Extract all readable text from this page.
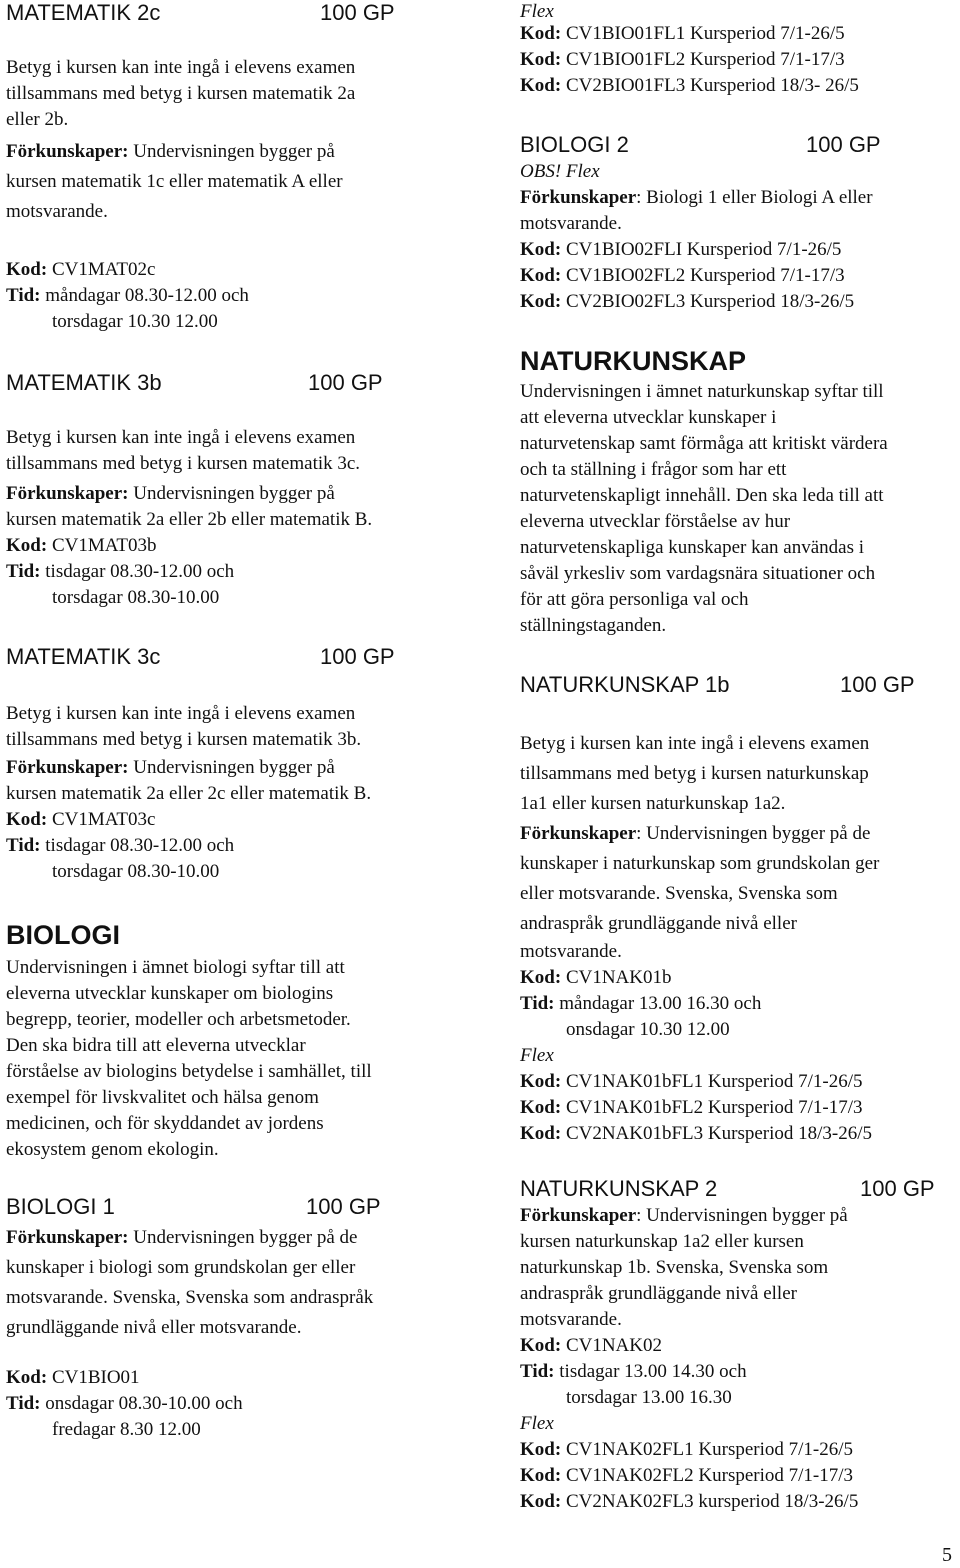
MATEMATIK 2c	100 GP
Betyg i kursen kan inte ingå i elevens examen
tillsammans med betyg i kursen matematik 2a
eller 2b.
Förkunskaper: Undervisningen bygger på
kursen matematik 1c eller matematik A eller
motsvarande.
Kod: CV1MAT02c
Tid: måndagar 08.30-12.00 och
torsdagar 10.30 12.00
MATEMATIK 3b	100 GP
Betyg i kursen kan inte ingå i elevens examen
tillsammans med betyg i kursen matematik 3c.
Förkunskaper: Undervisningen bygger på
kursen matematik 2a eller 2b eller matematik B.
Kod: CV1MAT03b
Tid: tisdagar 08.30-12.00 och
torsdagar 08.30-10.00
MATEMATIK 3c	100 GP
Betyg i kursen kan inte ingå i elevens examen
tillsammans med betyg i kursen matematik 3b.
Förkunskaper: Undervisningen bygger på
kursen matematik 2a eller 2c eller matematik B.
Kod: CV1MAT03c
Tid: tisdagar 08.30-12.00 och
torsdagar 08.30-10.00
BIOLOGI
Undervisningen i ämnet biologi syftar till att
eleverna utvecklar kunskaper om biologins
begrepp, teorier, modeller och arbetsmetoder.
Den ska bidra till att eleverna utvecklar
förståelse av biologins betydelse i samhället, till
exempel för livskvalitet och hälsa genom
medicinen, och för skyddandet av jordens
ekosystem genom ekologin.
BIOLOGI 1	100 GP
Förkunskaper: Undervisningen bygger på de
kunskaper i biologi som grundskolan ger eller
motsvarande. Svenska, Svenska som andraspråk
grundläggande nivå eller motsvarande.
Kod: CV1BIO01
Tid: onsdagar 08.30-10.00 och
fredagar 8.30 12.00
Flex
Kod: CV1BIO01FL1 Kursperiod 7/1-26/5
Kod: CV1BIO01FL2 Kursperiod 7/1-17/3
Kod: CV2BIO01FL3 Kursperiod 18/3- 26/5
BIOLOGI 2	100 GP
OBS! Flex
Förkunskaper: Biologi 1 eller Biologi A eller
motsvarande.
Kod: CV1BIO02FLI Kursperiod 7/1-26/5
Kod: CV1BIO02FL2 Kursperiod 7/1-17/3
Kod: CV2BIO02FL3 Kursperiod 18/3-26/5
NATURKUNSKAP
Undervisningen i ämnet naturkunskap syftar till
att eleverna utvecklar kunskaper i
naturvetenskap samt förmåga att kritiskt värdera
och ta ställning i frågor som har ett
naturvetenskapligt innehåll. Den ska leda till att
eleverna utvecklar förståelse av hur
naturvetenskapliga kunskaper kan användas i
såväl yrkesliv som vardagsnära situationer och
för att göra personliga val och
ställningstaganden.
NATURKUNSKAP 1b	100 GP
Betyg i kursen kan inte ingå i elevens examen
tillsammans med betyg i kursen naturkunskap
1a1 eller kursen naturkunskap 1a2.
Förkunskaper: Undervisningen bygger på de
kunskaper i naturkunskap som grundskolan ger
eller motsvarande. Svenska, Svenska som
andraspråk grundläggande nivå eller
motsvarande.
Kod: CV1NAK01b
Tid: måndagar 13.00 16.30 och
onsdagar 10.30 12.00
Flex
Kod: CV1NAK01bFL1 Kursperiod 7/1-26/5
Kod: CV1NAK01bFL2 Kursperiod 7/1-17/3
Kod: CV2NAK01bFL3 Kursperiod 18/3-26/5
NATURKUNSKAP 2	100 GP
Förkunskaper: Undervisningen bygger på
kursen naturkunskap 1a2 eller kursen
naturkunskap 1b. Svenska, Svenska som
andraspråk grundläggande nivå eller
motsvarande.
Kod: CV1NAK02
Tid: tisdagar 13.00 14.30 och
torsdagar 13.00 16.30
Flex
Kod: CV1NAK02FL1 Kursperiod 7/1-26/5
Kod: CV1NAK02FL2 Kursperiod 7/1-17/3
Kod: CV2NAK02FL3 kursperiod 18/3-26/5
5
